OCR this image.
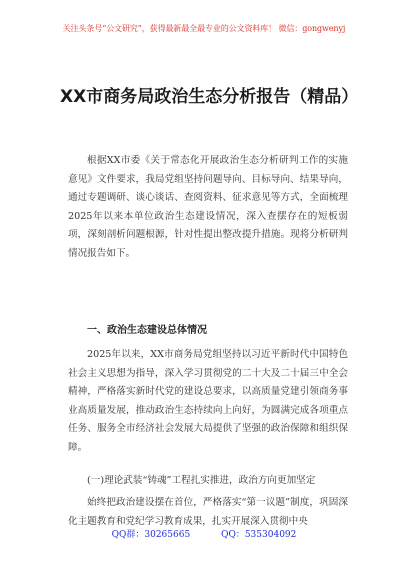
关注头条号“公文研究”，获得最新最全最专业的公文资料库！ 微信：gongwenyj
XX市商务局政治生态分析报告（精品）

根据XX市委《关于常态化开展政治生态分析研判工作的实施意见》文件要求，我局党组坚持问题导向、目标导向、结果导向，通过专题调研、谈心谈话、查阅资料、征求意见等方式，全面梳理2025年以来本单位政治生态建设情况，深入查摆存在的短板弱项，深刻剖析问题根源，针对性提出整改提升措施。现将分析研判情况报告如下。

一、政治生态建设总体情况

2025年以来，XX市商务局党组坚持以习近平新时代中国特色社会主义思想为指导，深入学习贯彻党的二十大及二十届三中全会精神，严格落实新时代党的建设总要求，以高质量党建引领商务事业高质量发展，推动政治生态持续向上向好，为圆满完成各项重点任务、服务全市经济社会发展大局提供了坚强的政治保障和组织保障。

(一)理论武装“铸魂”工程扎实推进，政治方向更加坚定

始终把政治建设摆在首位，严格落实“第一议题”制度，巩固深化主题教育和党纪学习教育成果，扎实开展深入贯彻中央

QQ群：30265665	QQ：535304092
